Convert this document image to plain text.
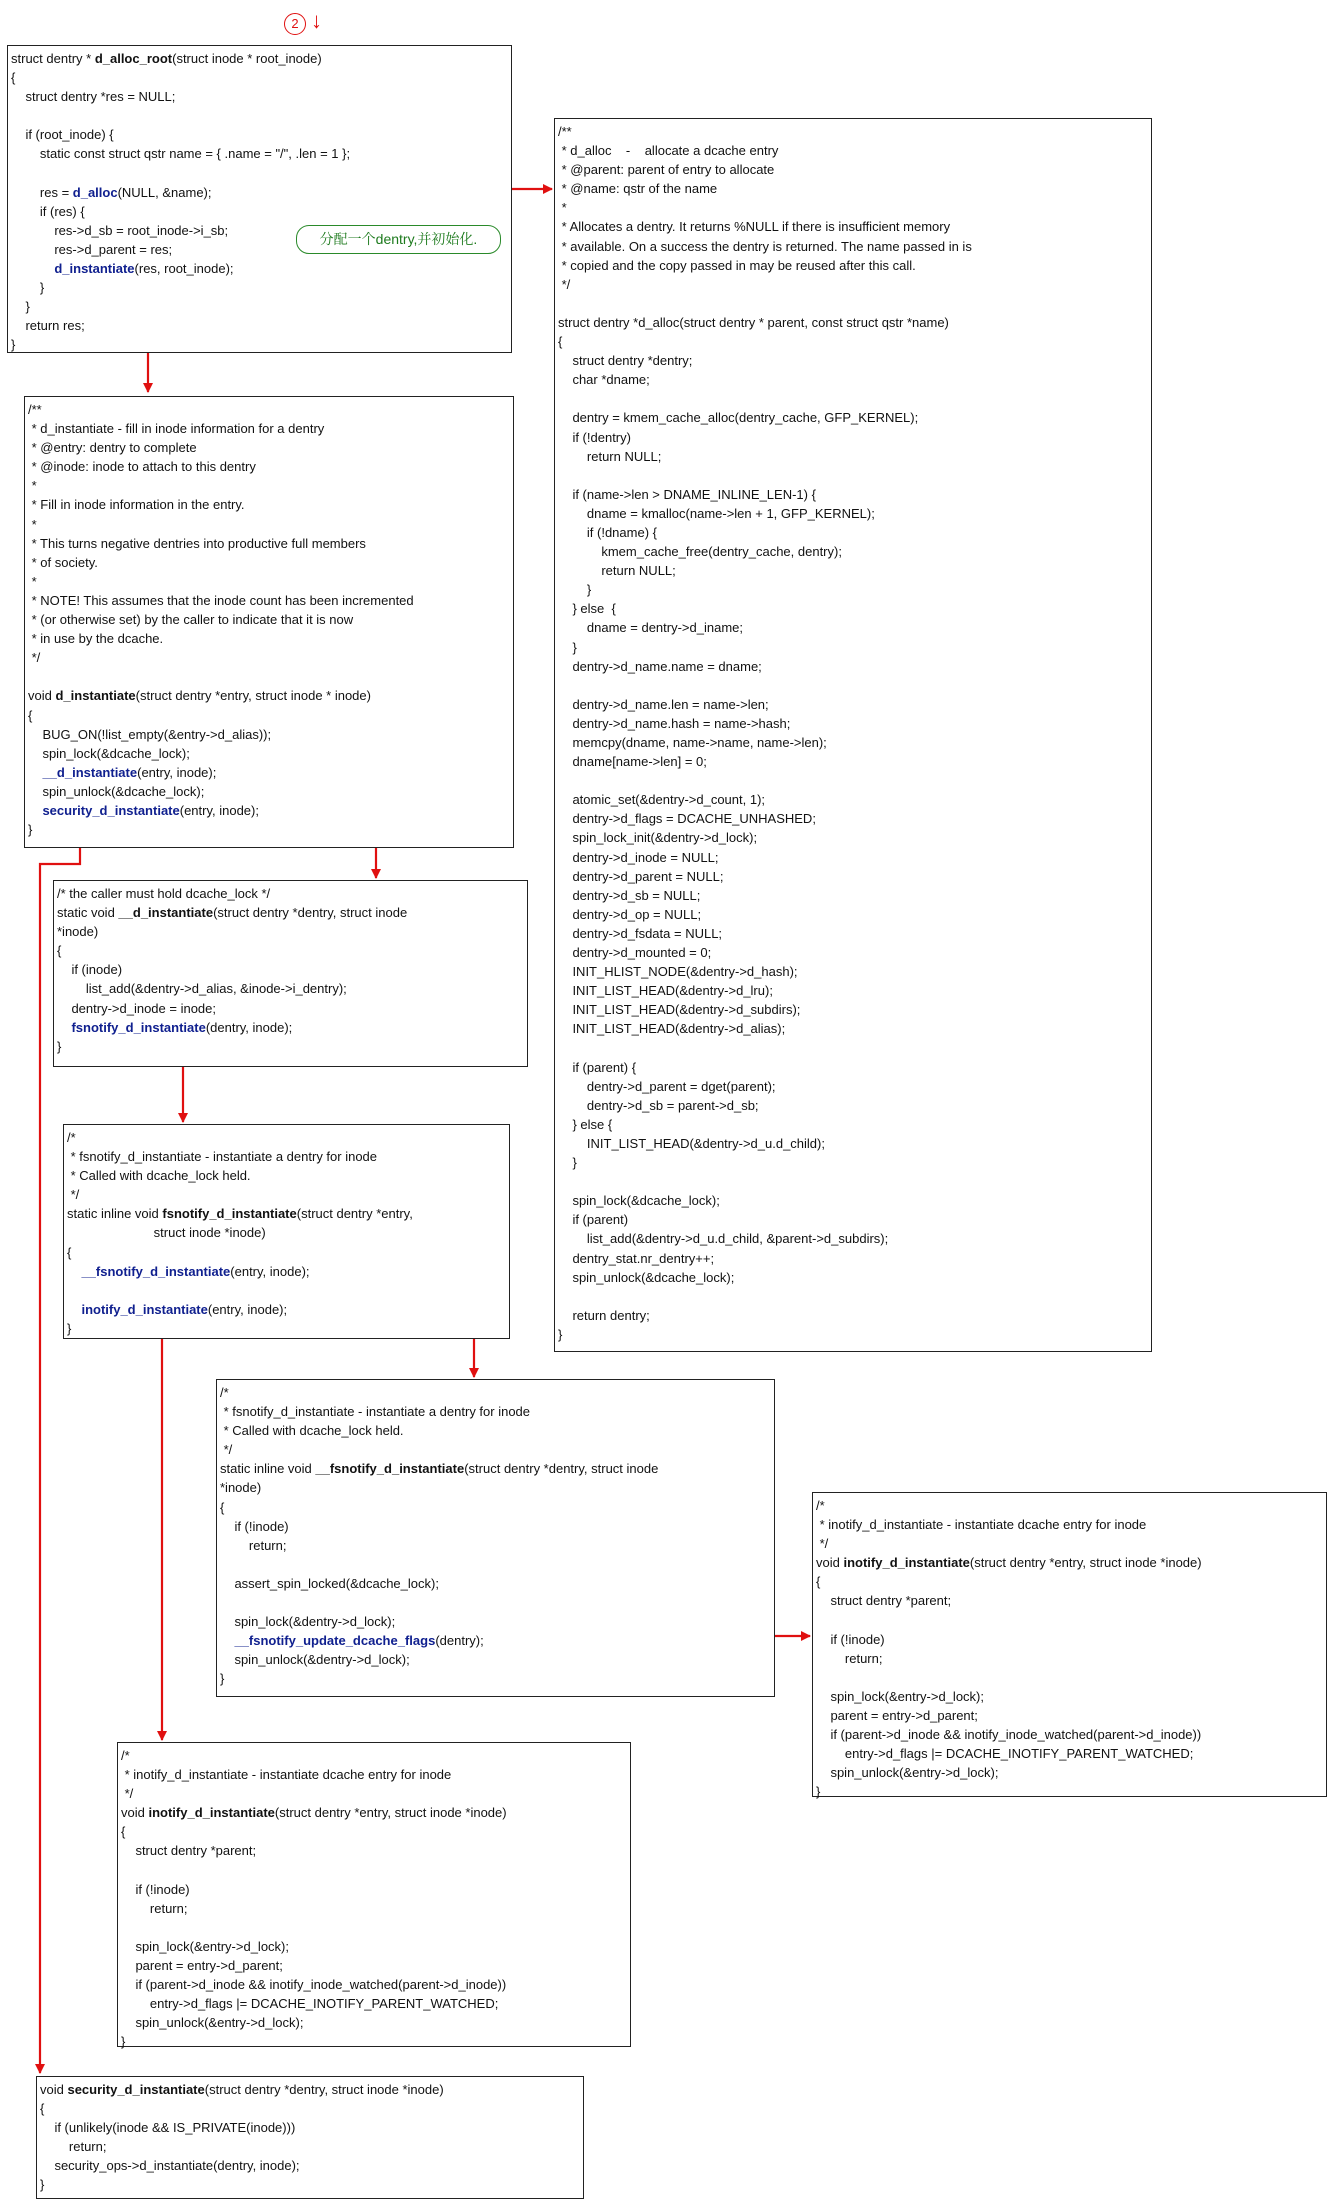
2 ↓
struct dentry * d_alloc_root(struct inode * root_inode)
{
struct dentry *res = NULL;
if (root_inode) {
static const struct qstr name = { .name = "/", .len = 1 };
res = d_alloc(NULL, &name);
if (res) {
res->d_sb = root_inode->i_sb;
res->d_parent = res;
d_instantiate(res, root_inode);
}
}
return res;
}
分配一个dentry,并初始化.
/**
* d_instantiate - fill in inode information for a dentry
* @entry: dentry to complete
* @inode: inode to attach to this dentry
*
* Fill in inode information in the entry.
*
* This turns negative dentries into productive full members
* of society.
*
* NOTE! This assumes that the inode count has been incremented
* (or otherwise set) by the caller to indicate that it is now
* in use by the dcache.
*/
void d_instantiate(struct dentry *entry, struct inode * inode)
{
BUG_ON(!list_empty(&entry->d_alias));
spin_lock(&dcache_lock);
__d_instantiate(entry, inode);
spin_unlock(&dcache_lock);
security_d_instantiate(entry, inode);
}
/* the caller must hold dcache_lock */
static void __d_instantiate(struct dentry *dentry, struct inode
*inode)
{
if (inode)
list_add(&dentry->d_alias, &inode->i_dentry);
dentry->d_inode = inode;
fsnotify_d_instantiate(dentry, inode);
}
/*
* fsnotify_d_instantiate - instantiate a dentry for inode
* Called with dcache_lock held.
*/
static inline void fsnotify_d_instantiate(struct dentry *entry,
struct inode *inode)
{
__fsnotify_d_instantiate(entry, inode);
inotify_d_instantiate(entry, inode);
}
/*
* fsnotify_d_instantiate - instantiate a dentry for inode
* Called with dcache_lock held.
*/
static inline void __fsnotify_d_instantiate(struct dentry *dentry, struct inode
*inode)
{
if (!inode)
return;
assert_spin_locked(&dcache_lock);
spin_lock(&dentry->d_lock);
__fsnotify_update_dcache_flags(dentry);
spin_unlock(&dentry->d_lock);
}
/*
* inotify_d_instantiate - instantiate dcache entry for inode
*/
void inotify_d_instantiate(struct dentry *entry, struct inode *inode)
{
struct dentry *parent;
if (!inode)
return;
spin_lock(&entry->d_lock);
parent = entry->d_parent;
if (parent->d_inode && inotify_inode_watched(parent->d_inode))
entry->d_flags |= DCACHE_INOTIFY_PARENT_WATCHED;
spin_unlock(&entry->d_lock);
}
/*
* inotify_d_instantiate - instantiate dcache entry for inode
*/
void inotify_d_instantiate(struct dentry *entry, struct inode *inode)
{
struct dentry *parent;
if (!inode)
return;
spin_lock(&entry->d_lock);
parent = entry->d_parent;
if (parent->d_inode && inotify_inode_watched(parent->d_inode))
entry->d_flags |= DCACHE_INOTIFY_PARENT_WATCHED;
spin_unlock(&entry->d_lock);
}
void security_d_instantiate(struct dentry *dentry, struct inode *inode)
{
if (unlikely(inode && IS_PRIVATE(inode)))
return;
security_ops->d_instantiate(dentry, inode);
}
/**
* d_alloc    -    allocate a dcache entry
* @parent: parent of entry to allocate
* @name: qstr of the name
*
* Allocates a dentry. It returns %NULL if there is insufficient memory
* available. On a success the dentry is returned. The name passed in is
* copied and the copy passed in may be reused after this call.
*/
struct dentry *d_alloc(struct dentry * parent, const struct qstr *name)
{
struct dentry *dentry;
char *dname;
dentry = kmem_cache_alloc(dentry_cache, GFP_KERNEL);
if (!dentry)
return NULL;
if (name->len > DNAME_INLINE_LEN-1) {
dname = kmalloc(name->len + 1, GFP_KERNEL);
if (!dname) {
kmem_cache_free(dentry_cache, dentry);
return NULL;
}
} else  {
dname = dentry->d_iname;
}
dentry->d_name.name = dname;
dentry->d_name.len = name->len;
dentry->d_name.hash = name->hash;
memcpy(dname, name->name, name->len);
dname[name->len] = 0;
atomic_set(&dentry->d_count, 1);
dentry->d_flags = DCACHE_UNHASHED;
spin_lock_init(&dentry->d_lock);
dentry->d_inode = NULL;
dentry->d_parent = NULL;
dentry->d_sb = NULL;
dentry->d_op = NULL;
dentry->d_fsdata = NULL;
dentry->d_mounted = 0;
INIT_HLIST_NODE(&dentry->d_hash);
INIT_LIST_HEAD(&dentry->d_lru);
INIT_LIST_HEAD(&dentry->d_subdirs);
INIT_LIST_HEAD(&dentry->d_alias);
if (parent) {
dentry->d_parent = dget(parent);
dentry->d_sb = parent->d_sb;
} else {
INIT_LIST_HEAD(&dentry->d_u.d_child);
}
spin_lock(&dcache_lock);
if (parent)
list_add(&dentry->d_u.d_child, &parent->d_subdirs);
dentry_stat.nr_dentry++;
spin_unlock(&dcache_lock);
return dentry;
}
